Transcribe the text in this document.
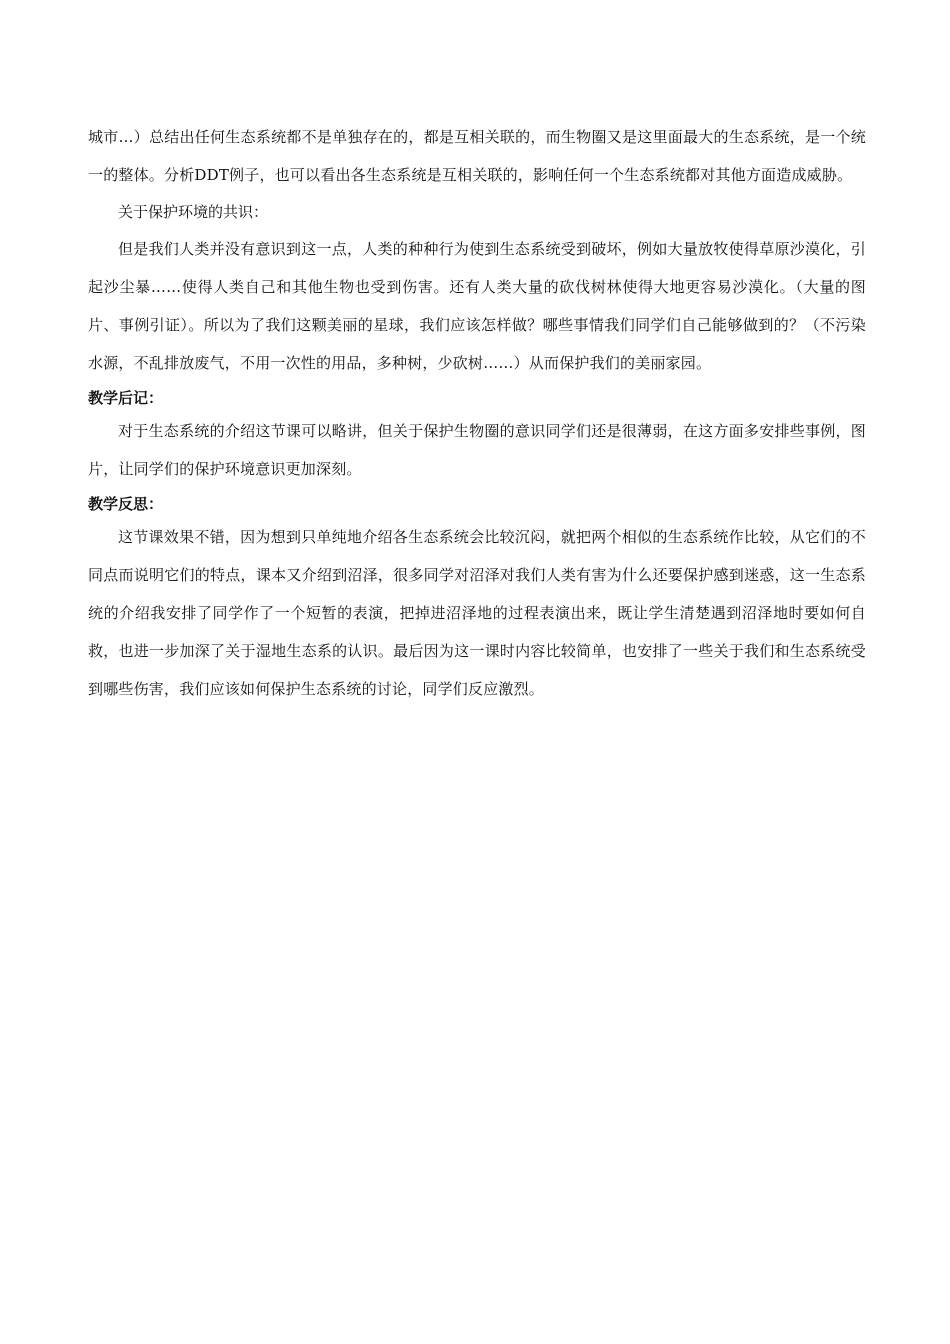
城市…）总结出任何生态系统都不是单独存在的，都是互相关联的，而生物圈又是这里面最大的生态系统，是一个统一的整体。分析DDT例子，也可以看出各生态系统是互相关联的，影响任何一个生态系统都对其他方面造成威胁。

关于保护环境的共识：

但是我们人类并没有意识到这一点，人类的种种行为使到生态系统受到破坏，例如大量放牧使得草原沙漠化，引起沙尘暴……使得人类自己和其他生物也受到伤害。还有人类大量的砍伐树林使得大地更容易沙漠化。（大量的图片、事例引证）。所以为了我们这颗美丽的星球，我们应该怎样做？哪些事情我们同学们自己能够做到的？（不污染水源，不乱排放废气，不用一次性的用品，多种树，少砍树……）从而保护我们的美丽家园。

教学后记：

对于生态系统的介绍这节课可以略讲，但关于保护生物圈的意识同学们还是很薄弱，在这方面多安排些事例，图片，让同学们的保护环境意识更加深刻。

教学反思：

这节课效果不错，因为想到只单纯地介绍各生态系统会比较沉闷，就把两个相似的生态系统作比较，从它们的不同点而说明它们的特点，课本又介绍到沼泽，很多同学对沼泽对我们人类有害为什么还要保护感到迷惑，这一生态系统的介绍我安排了同学作了一个短暂的表演，把掉进沼泽地的过程表演出来，既让学生清楚遇到沼泽地时要如何自救，也进一步加深了关于湿地生态系的认识。最后因为这一课时内容比较简单，也安排了一些关于我们和生态系统受到哪些伤害，我们应该如何保护生态系统的讨论，同学们反应激烈。
